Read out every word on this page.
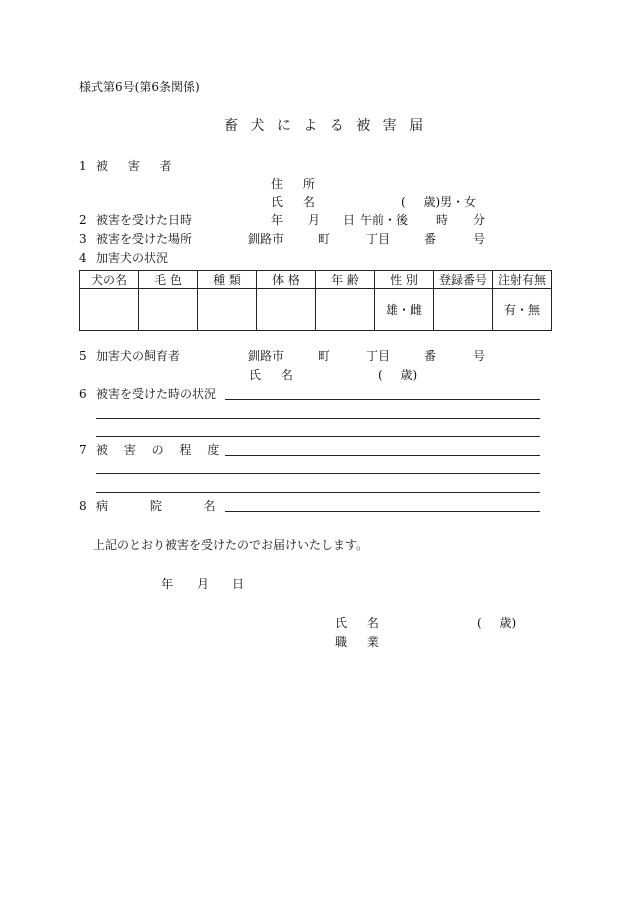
様式第6号(第6条関係)
畜 犬 に よ る 被 害 届
1 被 害 者
住 所
氏 名	( 歳)男・女
2 被害を受けた日時	年 月 日 午前・後 時 分
3 被害を受けた場所	釧路市	町	丁目	番	号
4 加害犬の状況
犬の名	毛 色	種 類	体 格	年 齢	性 別	登録番号	注射有無
					雄・雌		有・無
5 加害犬の飼育者	釧路市	町	丁目	番	号
氏 名	( 歳)
6 被害を受けた時の状況
7 被 害 の 程 度
8 病 院 名
上記のとおり被害を受けたのでお届けいたします。
年 月 日
氏 名	( 歳)
職 業
